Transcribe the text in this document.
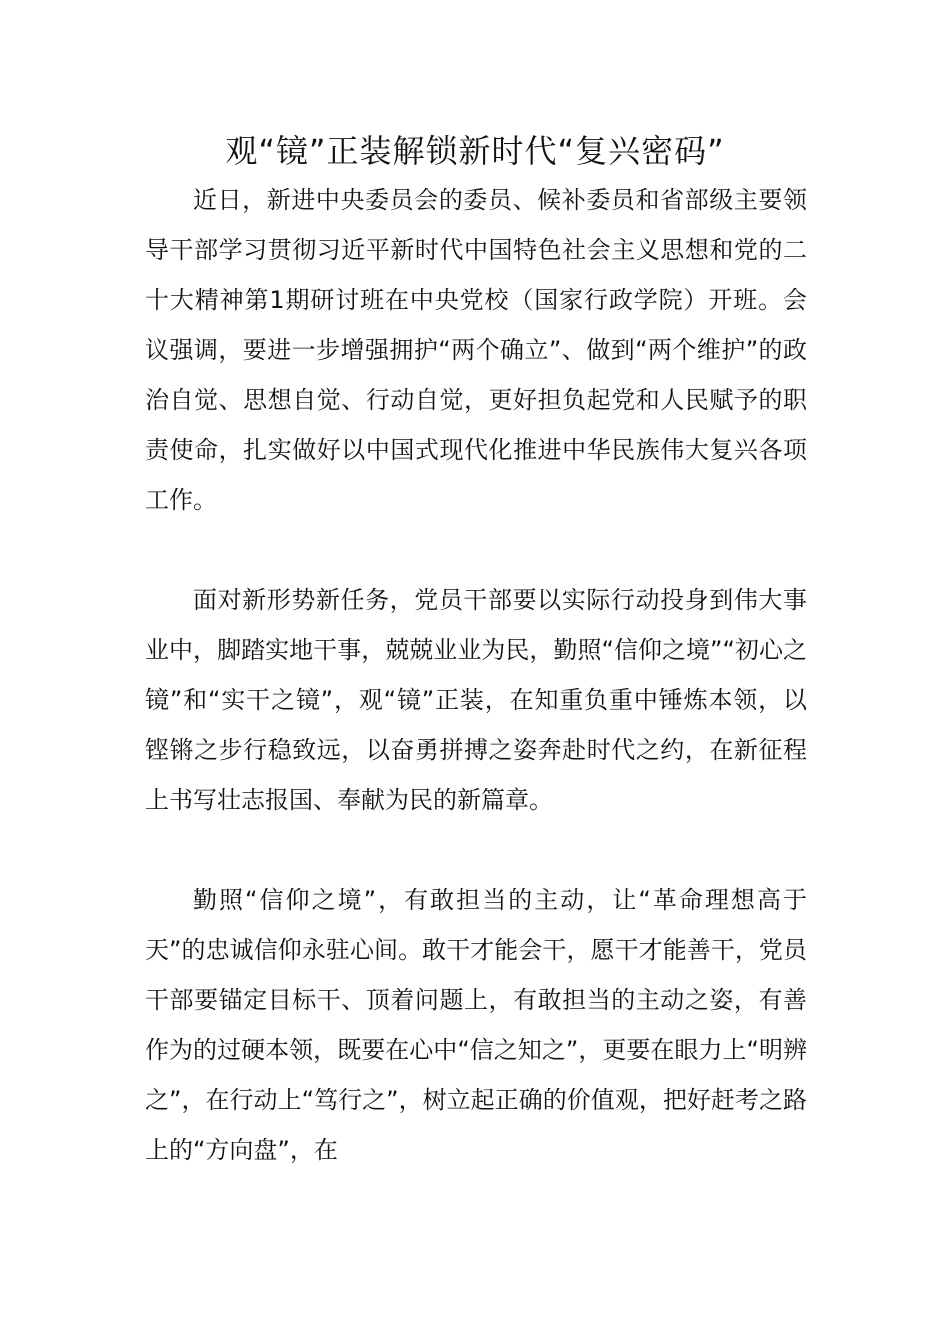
观“镜”正装解锁新时代“复兴密码”

近日，新进中央委员会的委员、候补委员和省部级主要领导干部学习贯彻习近平新时代中国特色社会主义思想和党的二十大精神第1期研讨班在中央党校（国家行政学院）开班。会议强调，要进一步增强拥护“两个确立”、做到“两个维护”的政治自觉、思想自觉、行动自觉，更好担负起党和人民赋予的职责使命，扎实做好以中国式现代化推进中华民族伟大复兴各项工作。

面对新形势新任务，党员干部要以实际行动投身到伟大事业中，脚踏实地干事，兢兢业业为民，勤照“信仰之境”“初心之镜”和“实干之镜”，观“镜”正装，在知重负重中锤炼本领，以铿锵之步行稳致远，以奋勇拼搏之姿奔赴时代之约，在新征程上书写壮志报国、奉献为民的新篇章。

勤照“信仰之境”，有敢担当的主动，让“革命理想高于天”的忠诚信仰永驻心间。敢干才能会干，愿干才能善干，党员干部要锚定目标干、顶着问题上，有敢担当的主动之姿，有善作为的过硬本领，既要在心中“信之知之”，更要在眼力上“明辨之”，在行动上“笃行之”，树立起正确的价值观，把好赶考之路上的“方向盘”，在
